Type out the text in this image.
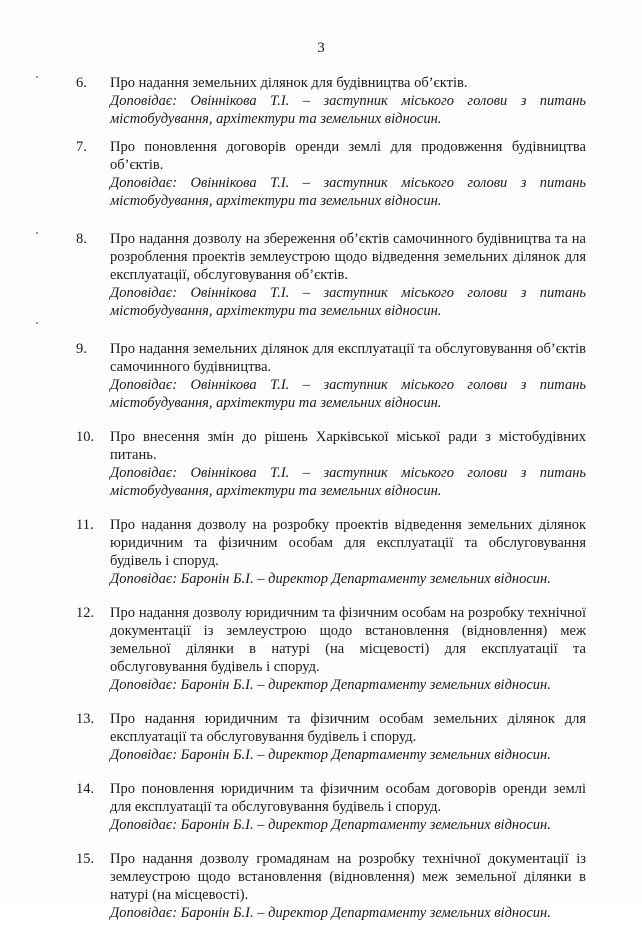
3
6.	Про надання земельних ділянок для будівництва об’єктів.
Доповідає: Овіннікова Т.І. – заступник міського голови з питань містобудування, архітектури та земельних відносин.
7.	Про поновлення договорів оренди землі для продовження будівництва об’єктів.
Доповідає: Овіннікова Т.І. – заступник міського голови з питань містобудування, архітектури та земельних відносин.
8.	Про надання дозволу на збереження об’єктів самочинного будівництва та на розроблення проектів землеустрою щодо відведення земельних ділянок для експлуатації, обслуговування об’єктів.
Доповідає: Овіннікова Т.І. – заступник міського голови з питань містобудування, архітектури та земельних відносин.
9.	Про надання земельних ділянок для експлуатації та обслуговування об’єктів самочинного будівництва.
Доповідає: Овіннікова Т.І. – заступник міського голови з питань містобудування, архітектури та земельних відносин.
10.	Про внесення змін до рішень Харківської міської ради з містобудівних питань.
Доповідає: Овіннікова Т.І. – заступник міського голови з питань містобудування, архітектури та земельних відносин.
11.	Про надання дозволу на розробку проектів відведення земельних ділянок юридичним та фізичним особам для експлуатації та обслуговування будівель і споруд.
Доповідає: Баронін Б.І. – директор Департаменту земельних відносин.
12.	Про надання дозволу юридичним та фізичним особам на розробку технічної документації із землеустрою щодо встановлення (відновлення) меж земельної ділянки в натурі (на місцевості) для експлуатації та обслуговування будівель і споруд.
Доповідає: Баронін Б.І. – директор Департаменту земельних відносин.
13.	Про надання юридичним та фізичним особам земельних ділянок для експлуатації та обслуговування будівель і споруд.
Доповідає: Баронін Б.І. – директор Департаменту земельних відносин.
14.	Про поновлення юридичним та фізичним особам договорів оренди землі для експлуатації та обслуговування будівель і споруд.
Доповідає: Баронін Б.І. – директор Департаменту земельних відносин.
15.	Про надання дозволу громадянам на розробку технічної документації із землеустрою щодо встановлення (відновлення) меж земельної ділянки в натурі (на місцевості).
Доповідає: Баронін Б.І. – директор Департаменту земельних відносин.
